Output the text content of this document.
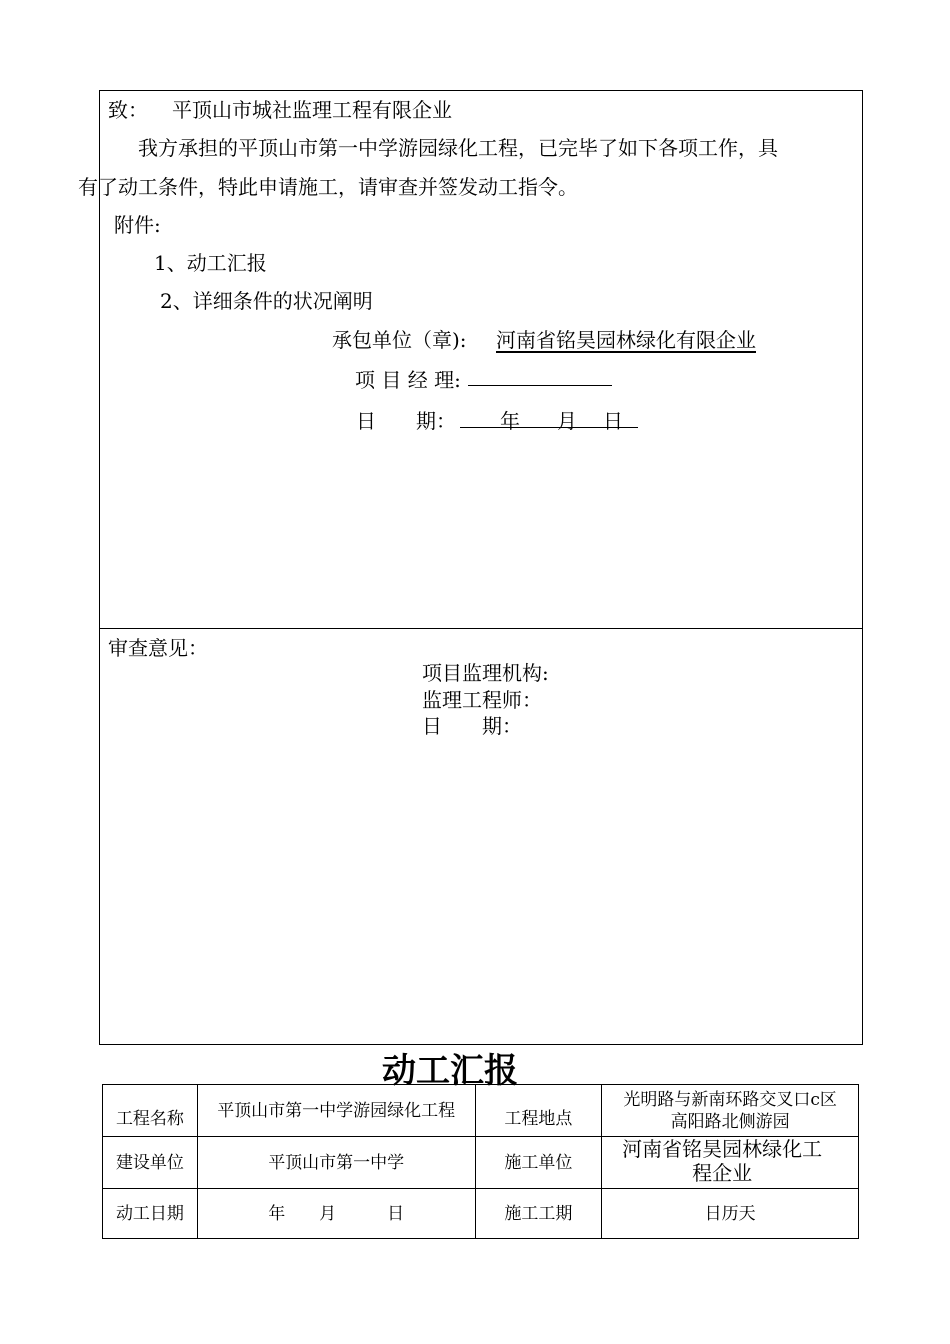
致： 平顶山市城社监理工程有限企业
我方承担的平顶山市第一中学游园绿化工程，已完毕了如下各项工作，具
有了动工条件，特此申请施工，请审查并签发动工指令。
附件:
1、动工汇报
2、详细条件的状况阐明
承包单位（章): 河南省铭昊园林绿化有限企业
项 目 经 理:
日　　期： 年 月 日
审查意见：
项目监理机构:
监理工程师：
日　　期：
动工汇报
工程名称	平顶山市第一中学游园绿化工程	工程地点	光明路与新南环路交叉口c区高阳路北侧游园
建设单位	平顶山市第一中学	施工单位	河南省铭昊园林绿化工程企业
动工日期	年　　月　　　日	施工工期	日历天
